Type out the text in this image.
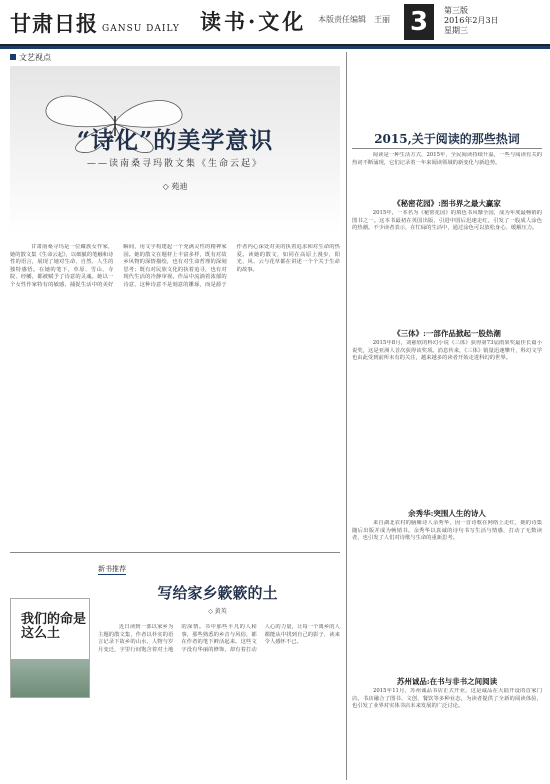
甘肃日报 GANSU DAILY 读书·文化 本版责任编辑　王丽 3	第三版
2016年2月3日
星期三
文艺视点
“诗化”的美学意识
——读南桑寻玛散文集《生命云起》
◇ 苑迪

　　甘肃南桑寻玛是一位藏族女作家，她的散文集《生命云起》，以细腻的笔触和诗性的语言，展现了她对生命、自然、人生的独特感悟。在她的笔下，草原、雪山、寺院、经幡，都被赋予了诗意的灵魂。她以一个女性作家特有的敏感，捕捉生活中的美好瞬间，用文字构建起一个充满灵性的精神家园。她的散文在题材上丰富多样，既有对故乡风物的深情描绘，也有对生命哲理的深刻思考；既有对民族文化的执着追寻，也有对现代生活的冷静审视。作品中流淌着浓郁的诗意，这种诗意不是刻意的雕琢，而是源于作者内心深处对美的执着追求和对生命的热爱。读她的散文，如同在高原上漫步，阳光、风、云与花草都在讲述一个个关于生命的故事。

新书推荐
写给家乡簌簌的土
◇ 黄英
我们的命是这么土	　　近日读到一部以家乡为主题的散文集，作者以朴实的语言记录下故乡的山水、人物与岁月变迁，字里行间饱含着对土地的深情。书中那些平凡的人和事，那些熟悉的乡音与风俗，都在作者的笔下鲜活起来。这些文字没有华丽的修饰，却有着打动人心的力量，让每一个离乡的人都能从中找到自己的影子，读来令人感怀不已。

2015,关于阅读的那些热词

　　阅读是一种生活方式，2015年，全民阅读持续升温，一些与阅读有关的热词不断涌现，它们记录着一年来阅读领域的新变化与新趋势。

《秘密花园》:图书界之最大赢家

　　2015年，一本名为《秘密花园》的填色书风靡全国，成为年度最畅销的图书之一。这本书最初在英国出版，引进中国后迅速走红，引发了一股成人涂色的热潮。不少读者表示，在忙碌的生活中，通过涂色可以放松身心、缓解压力。

《三体》:一部作品掀起一股热潮

　　2015年8月，刘慈欣的科幻小说《三体》获得第73届雨果奖最佳长篇小说奖，这是亚洲人首次获得该奖项。消息传来，《三体》销量迅速攀升，科幻文学也由此受到前所未有的关注，越来越多的读者开始走进科幻的世界。

余秀华:突围人生的诗人

　　来自湖北农村的脑瘫诗人余秀华，因一首诗歌在网络上走红，她的诗集随后出版并成为畅销书。余秀华以真诚的诗句书写生活与情感，打动了无数读者，也引发了人们对诗歌与生命的重新思考。

苏州诚品:在书与非书之间阅读

　　2015年11月，苏州诚品书店正式开业，这是诚品在大陆开设的首家门店。书店融合了图书、文创、餐饮等多种业态，为读者提供了全新的阅读体验，也引发了业界对实体书店未来发展的广泛讨论。
